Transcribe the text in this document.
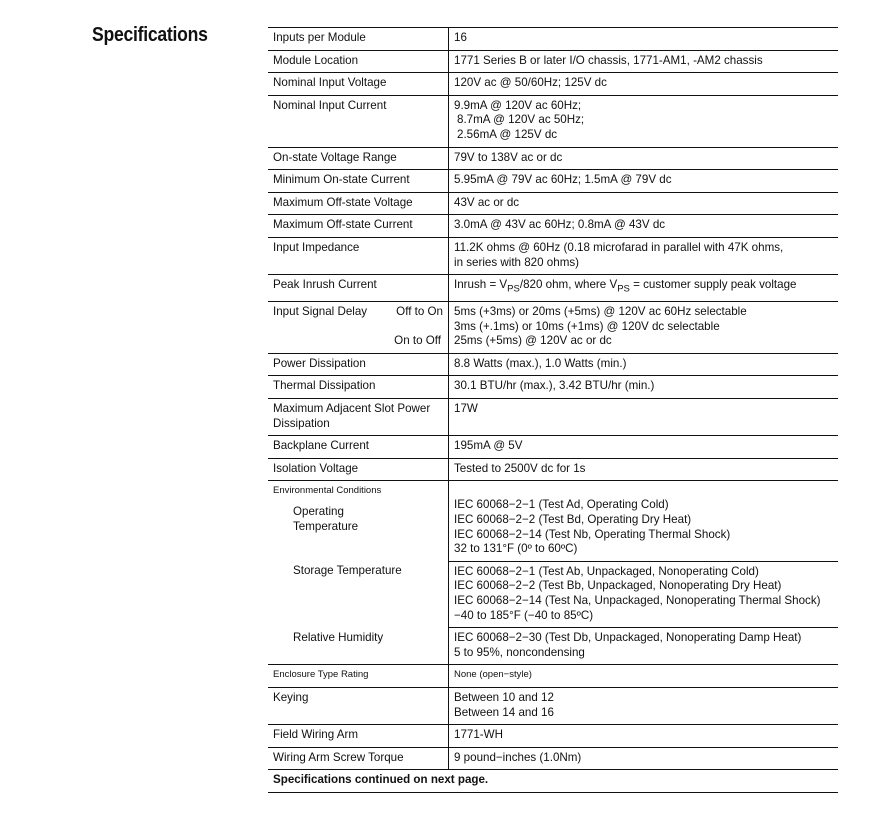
Specifications	Inputs per Module	16
Module Location	1771 Series B or later I/O chassis, 1771-AM1, -AM2 chassis
Nominal Input Voltage	120V ac @ 50/60Hz; 125V dc
Nominal Input Current	9.9mA @ 120V ac 60Hz;
8.7mA @ 120V ac 50Hz;
2.56mA @ 125V dc

On-state Voltage Range	79V to 138V ac or dc
Minimum On-state Current	5.95mA @ 79V ac 60Hz; 1.5mA @ 79V dc
Maximum Off-state Voltage	43V ac or dc
Maximum Off-state Current	3.0mA @ 43V ac 60Hz; 0.8mA @ 43V dc
Input Impedance	11.2K ohms @ 60Hz (0.18 microfarad in parallel with 47K ohms,
in series with 820 ohms)

Peak Inrush Current	Inrush = $V_{PS}/820$ ohm, where $V_{PS}$ = customer supply peak voltage

Input Signal Delay Off to On
On to Off	5ms (+3ms) or 20ms (+5ms) @ 120V ac 60Hz selectable
3ms (+.1ms) or 10ms (+1ms) @ 120V dc selectable
25ms (+5ms) @ 120V ac or dc

Power Dissipation	8.8 Watts (max.), 1.0 Watts (min.)
Thermal Dissipation	30.1 BTU/hr (max.), 3.42 BTU/hr (min.)

Maximum Adjacent Slot Power
Dissipation	17W
Backplane Current	195mA @ 5V
Isolation Voltage	Tested to 2500V dc for 1s

Environmental Conditions
Operating
Temperature	IEC 60068−2−1 (Test Ad, Operating Cold)
IEC 60068−2−2 (Test Bd, Operating Dry Heat)
IEC 60068−2−14 (Test Nb, Operating Thermal Shock)
32 to 131°F (0º to 60ºC)

Storage Temperature	IEC 60068−2−1 (Test Ab, Unpackaged, Nonoperating Cold)
IEC 60068−2−2 (Test Bb, Unpackaged, Nonoperating Dry Heat)
IEC 60068−2−14 (Test Na, Unpackaged, Nonoperating Thermal Shock)
−40 to 185°F (−40 to 85ºC)

Relative Humidity	IEC 60068−2−30 (Test Db, Unpackaged, Nonoperating Damp Heat)
5 to 95%, noncondensing

Enclosure Type Rating	None (open−style)
Keying	Between 10 and 12
Between 14 and 16

Field Wiring Arm	1771-WH
Wiring Arm Screw Torque	9 pound−inches (1.0Nm)
Specifications continued on next page.	
